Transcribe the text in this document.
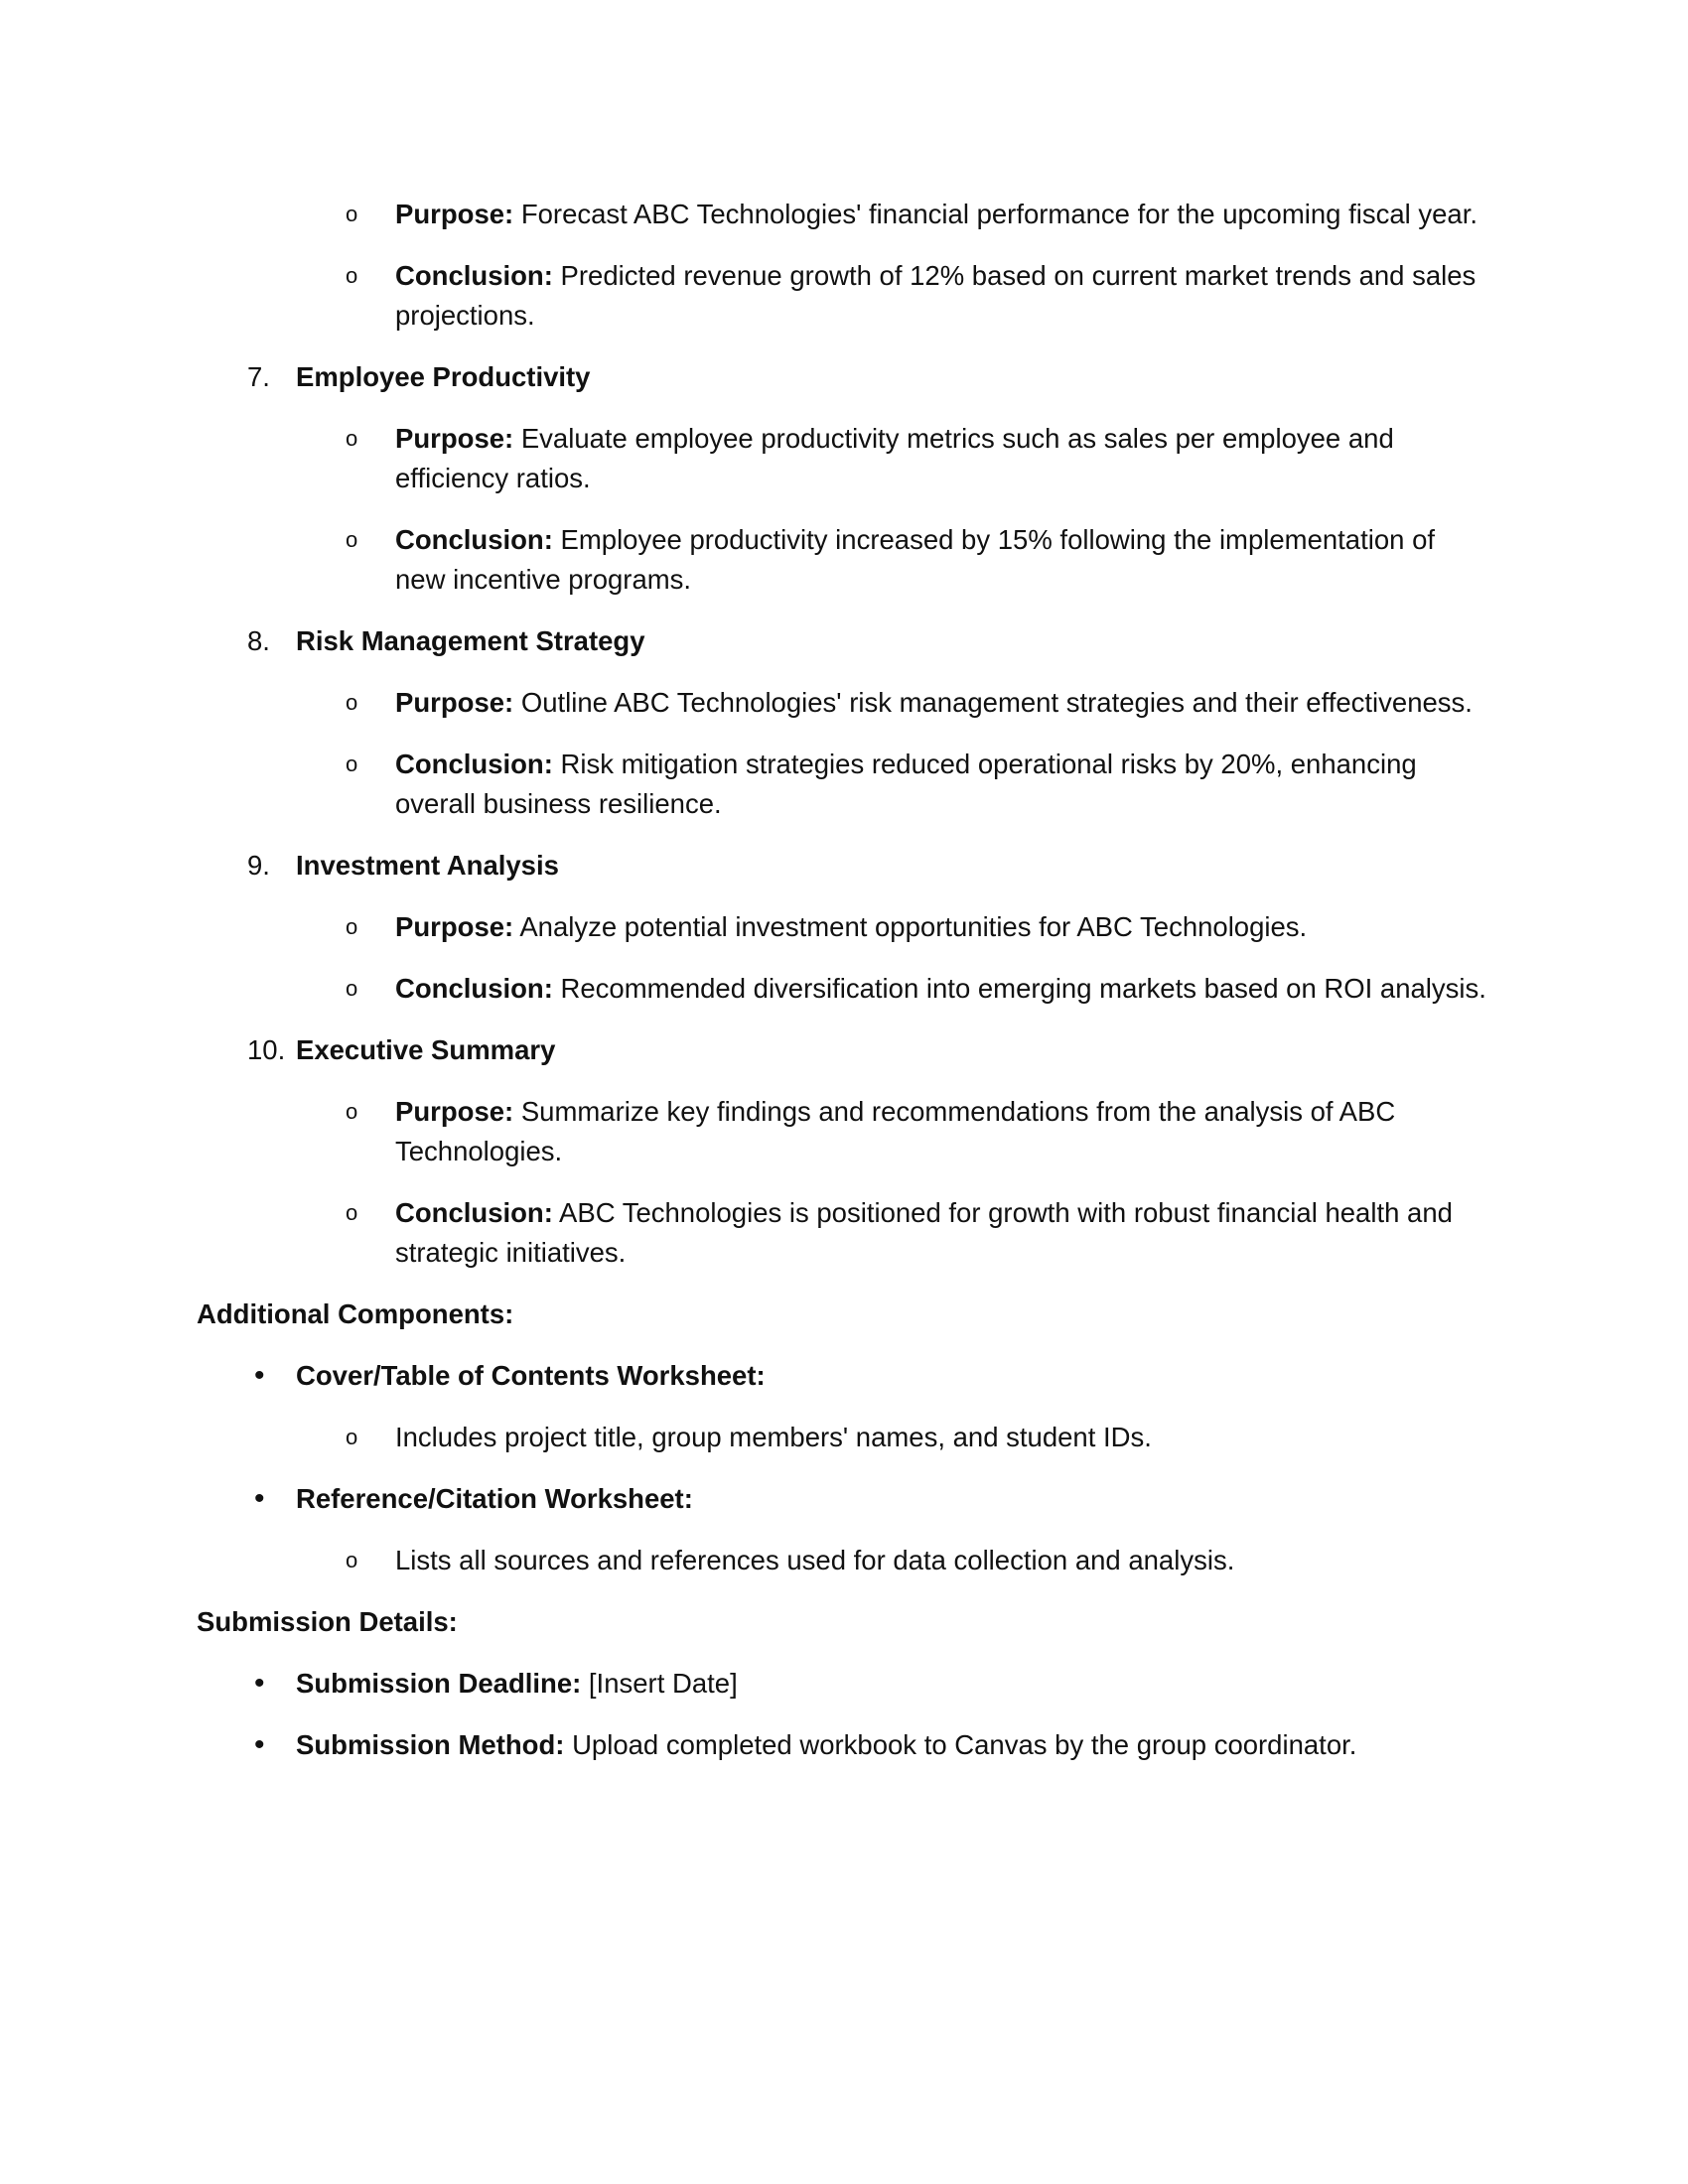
o Purpose: Forecast ABC Technologies' financial performance for the upcoming fiscal year.
o Conclusion: Predicted revenue growth of 12% based on current market trends and sales projections.
7. Employee Productivity
o Purpose: Evaluate employee productivity metrics such as sales per employee and efficiency ratios.
o Conclusion: Employee productivity increased by 15% following the implementation of new incentive programs.
8. Risk Management Strategy
o Purpose: Outline ABC Technologies' risk management strategies and their effectiveness.
o Conclusion: Risk mitigation strategies reduced operational risks by 20%, enhancing overall business resilience.
9. Investment Analysis
o Purpose: Analyze potential investment opportunities for ABC Technologies.
o Conclusion: Recommended diversification into emerging markets based on ROI analysis.
10. Executive Summary
o Purpose: Summarize key findings and recommendations from the analysis of ABC Technologies.
o Conclusion: ABC Technologies is positioned for growth with robust financial health and strategic initiatives.
Additional Components:
• Cover/Table of Contents Worksheet:
o Includes project title, group members' names, and student IDs.
• Reference/Citation Worksheet:
o Lists all sources and references used for data collection and analysis.
Submission Details:
• Submission Deadline: [Insert Date]
• Submission Method: Upload completed workbook to Canvas by the group coordinator.
